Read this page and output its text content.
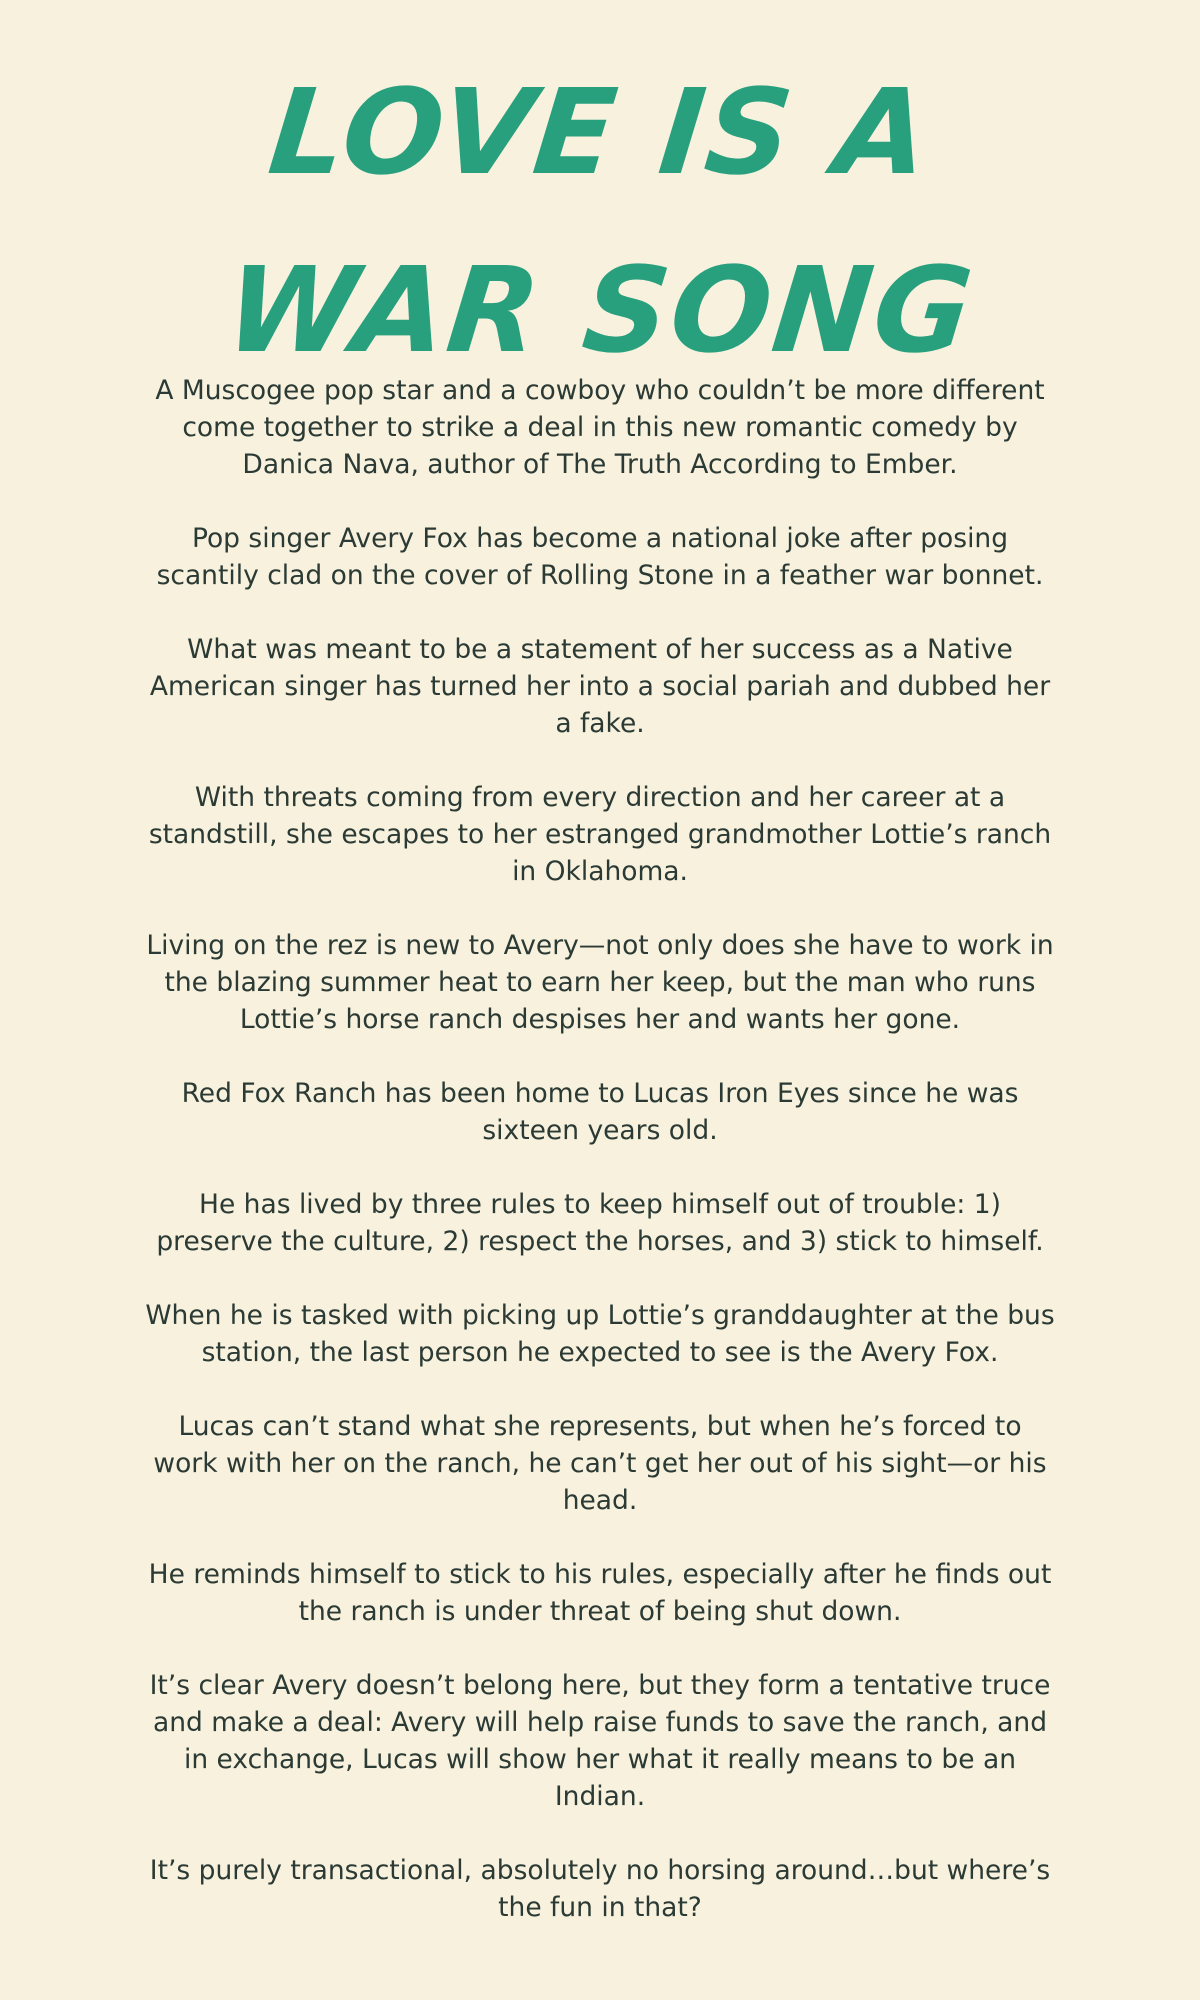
LOVE IS A
WAR SONG

A Muscogee pop star and a cowboy who couldn’t be more different come together to strike a deal in this new romantic comedy by Danica Nava, author of The Truth According to Ember.

Pop singer Avery Fox has become a national joke after posing scantily clad on the cover of Rolling Stone in a feather war bonnet.

What was meant to be a statement of her success as a Native American singer has turned her into a social pariah and dubbed her a fake.

With threats coming from every direction and her career at a standstill, she escapes to her estranged grandmother Lottie’s ranch in Oklahoma.

Living on the rez is new to Avery—not only does she have to work in the blazing summer heat to earn her keep, but the man who runs Lottie’s horse ranch despises her and wants her gone.

Red Fox Ranch has been home to Lucas Iron Eyes since he was sixteen years old.

He has lived by three rules to keep himself out of trouble: 1) preserve the culture, 2) respect the horses, and 3) stick to himself.

When he is tasked with picking up Lottie’s granddaughter at the bus station, the last person he expected to see is the Avery Fox.

Lucas can’t stand what she represents, but when he’s forced to work with her on the ranch, he can’t get her out of his sight—or his head.

He reminds himself to stick to his rules, especially after he finds out the ranch is under threat of being shut down.

It’s clear Avery doesn’t belong here, but they form a tentative truce and make a deal: Avery will help raise funds to save the ranch, and in exchange, Lucas will show her what it really means to be an Indian.

It’s purely transactional, absolutely no horsing around…but where’s the fun in that?
